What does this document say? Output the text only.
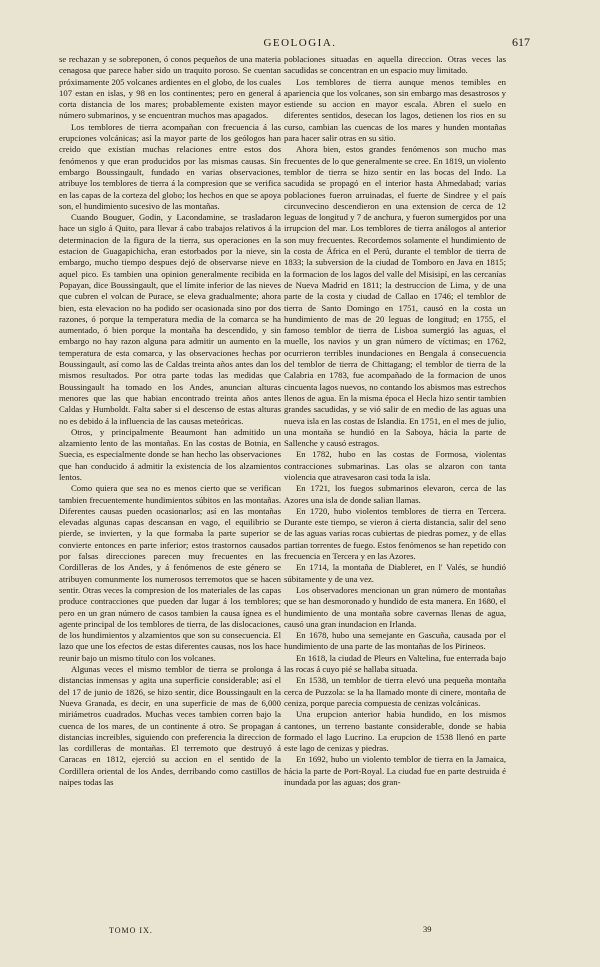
GEOLOGIA.	617

se rechazan y se sobreponen, ó conos pequeños de una materia cenagosa que parece haber sido un traquito poroso. Se cuentan próximamente 205 volcanes ardientes en el globo, de los cuales 107 estan en islas, y 98 en los continentes; pero en general á corta distancia de los mares; probablemente existen mayor número submarinos, y se encuentran muchos mas apagados.

Los temblores de tierra acompañan con frecuencia á las erupciones volcánicas; así la mayor parte de los geólogos han creido que existian muchas relaciones entre estos dos fenómenos y que eran producidos por las mismas causas. Sin embargo Boussingault, fundado en varias observaciones, atribuye los temblores de tierra á la compresion que se verifica en las capas de la corteza del globo; los hechos en que se apoya son, el hundimiento sucesivo de las montañas.

Cuando Bouguer, Godin, y Lacondamine, se trasladaron hace un siglo á Quito, para llevar á cabo trabajos relativos á la determinacion de la figura de la tierra, sus operaciones en la estacion de Guagapichicha, eran estorbados por la nieve, sin embargo, mucho tiempo despues dejó de observarse nieve en aquel pico. Es tambien una opinion generalmente recibida en Popayan, dice Boussingault, que el límite inferior de las nieves que cubren el volcan de Purace, se eleva gradualmente; ahora bien, esta elevacion no ha podido ser ocasionada sino por dos razones, ó porque la temperatura media de la comarca se ha aumentado, ó bien porque la montaña ha descendido, y sin embargo no hay razon alguna para admitir un aumento en la temperatura de esta comarca, y las observaciones hechas por Boussingault, así como las de Caldas treinta años antes dan los mismos resultados. Por otra parte todas las medidas que Boussingault ha tomado en los Andes, anuncian alturas menores que las que habian encontrado treinta años antes Caldas y Humboldt. Falta saber si el descenso de estas alturas no es debido á la influencia de las causas meteóricas.

Otros, y principalmente Beaumont han admitido un alzamiento lento de las montañas. En las costas de Botnia, en Suecia, es especialmente donde se han hecho las observaciones que han conducido á admitir la existencia de los alzamientos lentos.

Como quiera que sea no es menos cierto que se verifican tambien frecuentemente hundimientos súbitos en las montañas. Diferentes causas pueden ocasionarlos; así en las montañas elevadas algunas capas descansan en vago, el equilibrio se pierde, se invierten, y la que formaba la parte superior se convierte entonces en parte inferior; estos trastornos causados por falsas direcciones parecen muy frecuentes en las Cordilleras de los Andes, y á fenómenos de este género se atribuyen comunmente los numerosos terremotos que se hacen sentir. Otras veces la compresion de los materiales de las capas produce contracciones que pueden dar lugar á los temblores; pero en un gran número de casos tambien la causa ígnea es el agente principal de los temblores de tierra, de las dislocaciones, de los hundimientos y alzamientos que son su consecuencia. El lazo que une los efectos de estas diferentes causas, nos los hace reunir bajo un mismo título con los volcanes.

Algunas veces el mismo temblor de tierra se prolonga á distancias inmensas y agita una superficie considerable; así el del 17 de junio de 1826, se hizo sentir, dice Boussingault en la Nueva Granada, es decir, en una superficie de mas de 6,000 miriámetros cuadrados. Muchas veces tambien corren bajo la cuenca de los mares, de un continente á otro. Se propagan á distancias increibles, siguiendo con preferencia la direccion de las cordilleras de montañas. El terremoto que destruyó á Caracas en 1812, ejerció su accion en el sentido de la Cordillera oriental de los Andes, derribando como castillos de naipes todas las

poblaciones situadas en aquella direccion. Otras veces las sacudidas se concentran en un espacio muy limitado.

Los temblores de tierra aunque menos temibles en apariencia que los volcanes, son sin embargo mas desastrosos y estiende su accion en mayor escala. Abren el suelo en diferentes sentidos, desecan los lagos, detienen los rios en su curso, cambian las cuencas de los mares y hunden montañas para hacer salir otras en su sitio.

Ahora bien, estos grandes fenómenos son mucho mas frecuentes de lo que generalmente se cree. En 1819, un violento temblor de tierra se hizo sentir en las bocas del Indo. La sacudida se propagó en el interior hasta Ahmedabad; varias poblaciones fueron arruinadas, el fuerte de Sindree y el país circunvecino descendieron en una extension de cerca de 12 leguas de longitud y 7 de anchura, y fueron sumergidos por una irrupcion del mar. Los temblores de tierra análogos al anterior son muy frecuentes. Recordemos solamente el hundimiento de la costa de África en el Perú, durante el temblor de tierra de 1833; la subversion de la ciudad de Tomboro en Java en 1815; la formacion de los lagos del valle del Misisipí, en las cercanías de Nueva Madrid en 1811; la destruccion de Lima, y de una parte de la costa y ciudad de Callao en 1746; el temblor de tierra de Santo Domingo en 1751, causó en la costa un hundimiento de mas de 20 leguas de longitud; en 1755, el famoso temblor de tierra de Lisboa sumergió las aguas, el muelle, los navios y un gran número de víctimas; en 1762, ocurrieron terribles inundaciones en Bengala á consecuencia del temblor de tierra de Chittagang; el temblor de tierra de la Calabria en 1783, fue acompañado de la formacion de unos cincuenta lagos nuevos, no contando los abismos mas estrechos llenos de agua. En la misma época el Hecla hizo sentir tambien grandes sacudidas, y se vió salir de en medio de las aguas una nueva isla en las costas de Islandia. En 1751, en el mes de julio, una montaña se hundió en la Saboya, hácia la parte de Sallenche y causó estragos.

En 1782, hubo en las costas de Formosa, violentas contracciones submarinas. Las olas se alzaron con tanta violencia que atravesaron casi toda la isla.

En 1721, los fuegos submarinos elevaron, cerca de las Azores una isla de donde salian llamas.

En 1720, hubo violentos temblores de tierra en Tercera. Durante este tiempo, se vieron á cierta distancia, salir del seno de las aguas varias rocas cubiertas de piedras pomez, y de ellas partian torrentes de fuego. Estos fenómenos se han repetido con frecuencia en Tercera y en las Azores.

En 1714, la montaña de Diableret, en l' Valés, se hundió súbitamente y de una vez.

Los observadores mencionan un gran número de montañas que se han desmoronado y hundido de esta manera. En 1680, el hundimiento de una montaña sobre cavernas llenas de agua, causó una gran inundacion en Irlanda.

En 1678, hubo una semejante en Gascuña, causada por el hundimiento de una parte de las montañas de los Pirineos.

En 1618, la ciudad de Pleurs en Valtelina, fue enterrada bajo las rocas á cuyo pié se hallaba situada.

En 1538, un temblor de tierra elevó una pequeña montaña cerca de Puzzola: se la ha llamado monte di cinere, montaña de ceniza, porque parecia compuesta de cenizas volcánicas.

Una erupcion anterior habia hundido, en los mismos cantones, un terreno bastante considerable, donde se habia formado el lago Lucrino. La erupcion de 1538 llenó en parte este lago de cenizas y piedras.

En 1692, hubo un violento temblor de tierra en la Jamaica, hácia la parte de Port-Royal. La ciudad fue en parte destruida é inundada por las aguas; dos gran-

TOMO IX.	39
